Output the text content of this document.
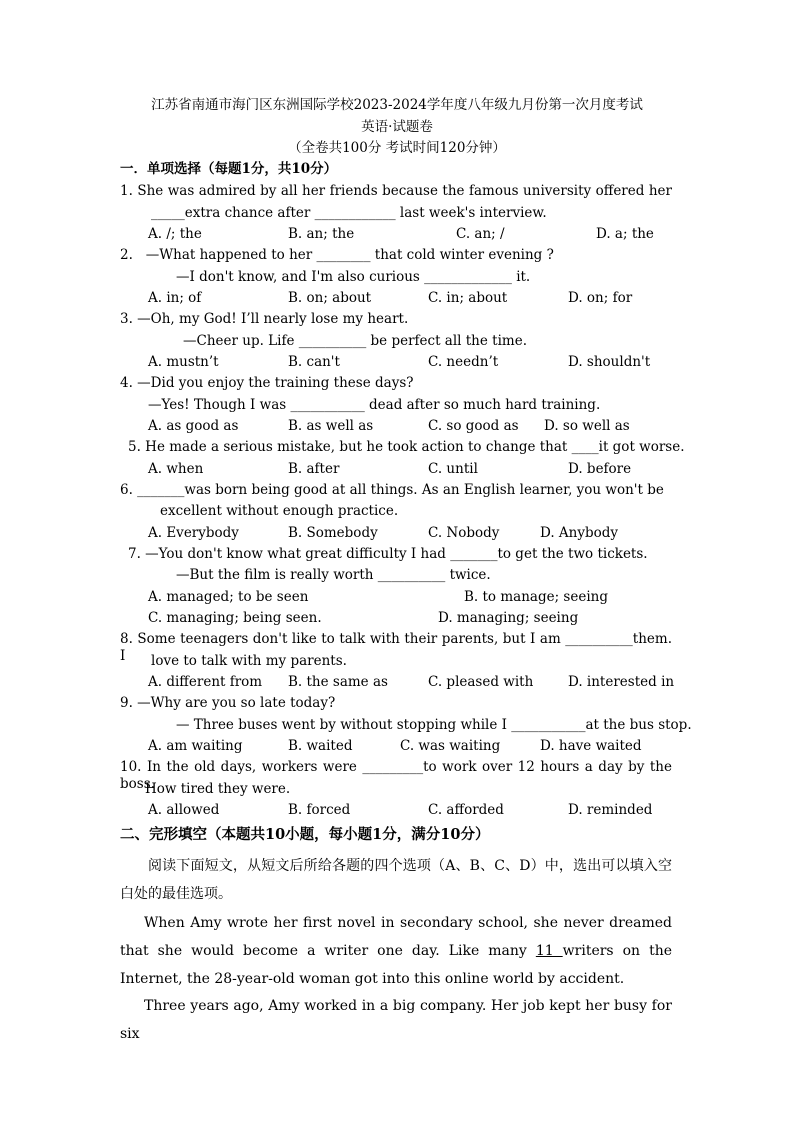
江苏省南通市海门区东洲国际学校2023-2024学年度八年级九月份第一次月度考试
英语·试题卷
（全卷共100分 考试时间120分钟）
一．单项选择（每题1分，共10分）
1. She was admired by all her friends because the famous university offered her
_____extra chance after ____________ last week's interview.
A. /; the	B. an; the	C. an; /	D. a; the
2.   —What happened to her ________ that cold winter evening ?
—I don't know, and I'm also curious _____________ it.
A. in; of	B. on; about	C. in; about	D. on; for
3. —Oh, my God! I’ll nearly lose my heart.
—Cheer up. Life __________ be perfect all the time.
A. mustn’t	B. can't	C. needn’t	D. shouldn't
4. —Did you enjoy the training these days?
—Yes! Though I was ___________ dead after so much hard training.
A. as good as	B. as well as	C. so good as D. so well as
5. He made a serious mistake, but he took action to change that ____it got worse.
A. when	B. after	C. until	D. before
6. _______was born being good at all things. As an English learner, you won't be
excellent without enough practice.
A. Everybody	B. Somebody	C. Nobody	D. Anybody
7. —You don't know what great difficulty I had _______to get the two tickets.
—But the film is really worth __________ twice.
A. managed; to be seen	B. to manage; seeing
C. managing; being seen.	D. managing; seeing
8. Some teenagers don't like to talk with their parents, but I am __________them. I	love to talk with my parents.
A. different from B. the same as	C. pleased with	D. interested in
9. —Why are you so late today?
— Three buses went by without stopping while I ___________at the bus stop.
A. am waiting	B. waited	C. was waiting	D. have waited
10. In the old days, workers were _________to work over 12 hours a day by the boss.
How tired they were.
A. allowed	B. forced	C. afforded	D. reminded
二、完形填空（本题共10小题，每小题1分，满分10分）
阅读下面短文，从短文后所给各题的四个选项（A、B、C、D）中，选出可以填入空白处的最佳选项。
When Amy wrote her first novel in secondary school, she never dreamed that she would become a writer one day. Like many 11 writers on the Internet, the 28-year-old woman got into this online world by accident.
Three years ago, Amy worked in a big company. Her job kept her busy for six
